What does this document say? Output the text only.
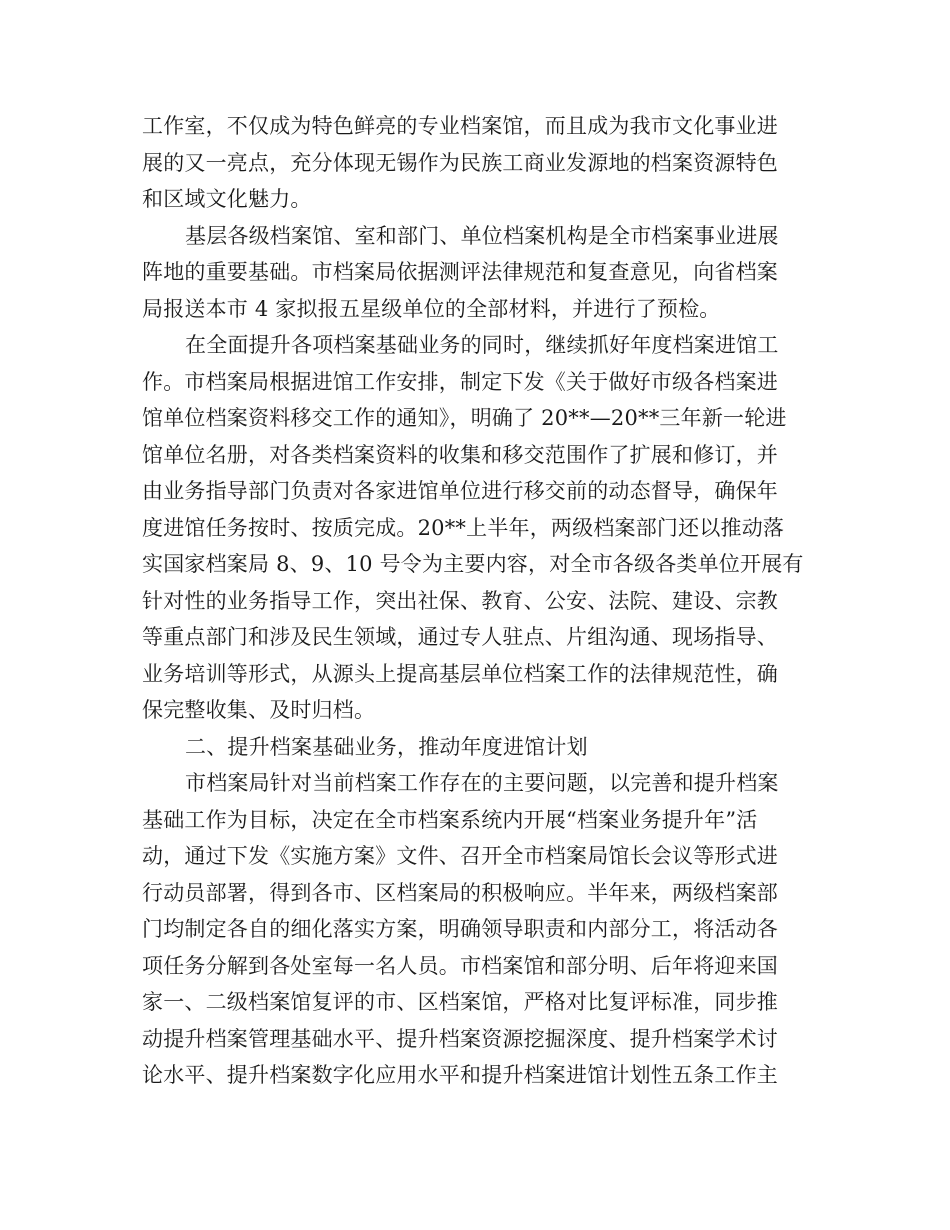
工作室，不仅成为特色鲜亮的专业档案馆，而且成为我市文化事业进
展的又一亮点，充分体现无锡作为民族工商业发源地的档案资源特色
和区域文化魅力。
基层各级档案馆、室和部门、单位档案机构是全市档案事业进展
阵地的重要基础。市档案局依据测评法律规范和复查意见，向省档案
局报送本市 4 家拟报五星级单位的全部材料，并进行了预检。
在全面提升各项档案基础业务的同时，继续抓好年度档案进馆工
作。市档案局根据进馆工作安排，制定下发《关于做好市级各档案进
馆单位档案资料移交工作的通知》，明确了 20**—20**三年新一轮进
馆单位名册，对各类档案资料的收集和移交范围作了扩展和修订，并
由业务指导部门负责对各家进馆单位进行移交前的动态督导，确保年
度进馆任务按时、按质完成。20**上半年，两级档案部门还以推动落
实国家档案局 8、9、10 号令为主要内容，对全市各级各类单位开展有
针对性的业务指导工作，突出社保、教育、公安、法院、建设、宗教
等重点部门和涉及民生领域，通过专人驻点、片组沟通、现场指导、
业务培训等形式，从源头上提高基层单位档案工作的法律规范性，确
保完整收集、及时归档。
二、提升档案基础业务，推动年度进馆计划
市档案局针对当前档案工作存在的主要问题，以完善和提升档案
基础工作为目标，决定在全市档案系统内开展“档案业务提升年”活
动，通过下发《实施方案》文件、召开全市档案局馆长会议等形式进
行动员部署，得到各市、区档案局的积极响应。半年来，两级档案部
门均制定各自的细化落实方案，明确领导职责和内部分工，将活动各
项任务分解到各处室每一名人员。市档案馆和部分明、后年将迎来国
家一、二级档案馆复评的市、区档案馆，严格对比复评标准，同步推
动提升档案管理基础水平、提升档案资源挖掘深度、提升档案学术讨
论水平、提升档案数字化应用水平和提升档案进馆计划性五条工作主
